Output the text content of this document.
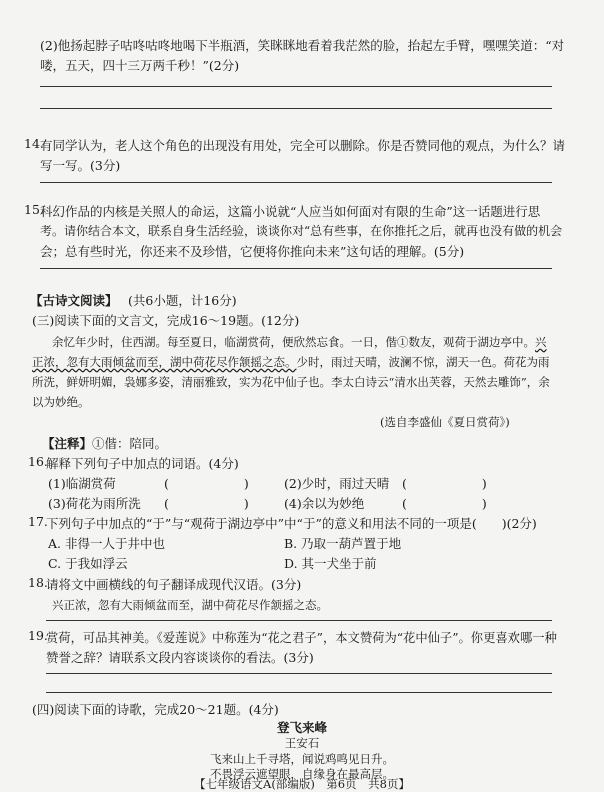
(2)他扬起脖子咕咚咕咚地喝下半瓶酒，笑眯眯地看着我茫然的脸，抬起左手臂，嘿嘿笑道：“对
喽，五天，四十三万两千秒！”(2分)
14.
有同学认为，老人这个角色的出现没有用处，完全可以删除。你是否赞同他的观点，为什么？请
写一写。(3分)
15.
科幻作品的内核是关照人的命运，这篇小说就“人应当如何面对有限的生命”这一话题进行思
考。请你结合本文，联系自身生活经验，谈谈你对“总有些事，在你推托之后，就再也没有做的机会
会；总有些时光，你还来不及珍惜，它便将你推向未来”这句话的理解。(5分)
【古诗文阅读】 (共6小题，计16分)
(三)阅读下面的文言文，完成16～19题。(12分)
余忆年少时，住西湖。每至夏日，临湖赏荷，便欣然忘食。一日，偕①数友，观荷于湖边亭中。兴
正浓，忽有大雨倾盆而至，湖中荷花尽作颔摇之态。少时，雨过天晴，波澜不惊，湖天一色。荷花为雨
所洗，鲜妍明媚，袅娜多姿，清丽雅致，实为花中仙子也。李太白诗云“清水出芙蓉，天然去雕饰”，余
以为妙绝。
(选自李盛仙《夏日赏荷》)
【注释】①偕：陪同。
16.
解释下列句子中加点的词语。(4分)
(1)临湖赏荷	(　　　　　　)	(2)少时，雨过天晴 (　　　　　　)
(3)荷花为雨所洗 (　　　　　　)	(4)余以为妙绝	(　　　　　　)
17.
下列句子中加点的“于”与“观荷于湖边亭中”中“于”的意义和用法不同的一项是(　　)(2分)
A. 非得一人于井中也	B. 乃取一葫芦置于地
C. 于我如浮云	D. 其一犬坐于前
18.
请将文中画横线的句子翻译成现代汉语。(3分)
兴正浓，忽有大雨倾盆而至，湖中荷花尽作颔摇之态。
19.
赏荷，可品其神美。《爱莲说》中称莲为“花之君子”，本文赞荷为“花中仙子”。你更喜欢哪一种
赞誉之辞？请联系文段内容谈谈你的看法。(3分)
(四)阅读下面的诗歌，完成20～21题。(4分)
登飞来峰
王安石
飞来山上千寻塔，闻说鸡鸣见日升。
不畏浮云遮望眼，自缘身在最高层。
【七年级语文A(部编版)　第6页　共8页】
